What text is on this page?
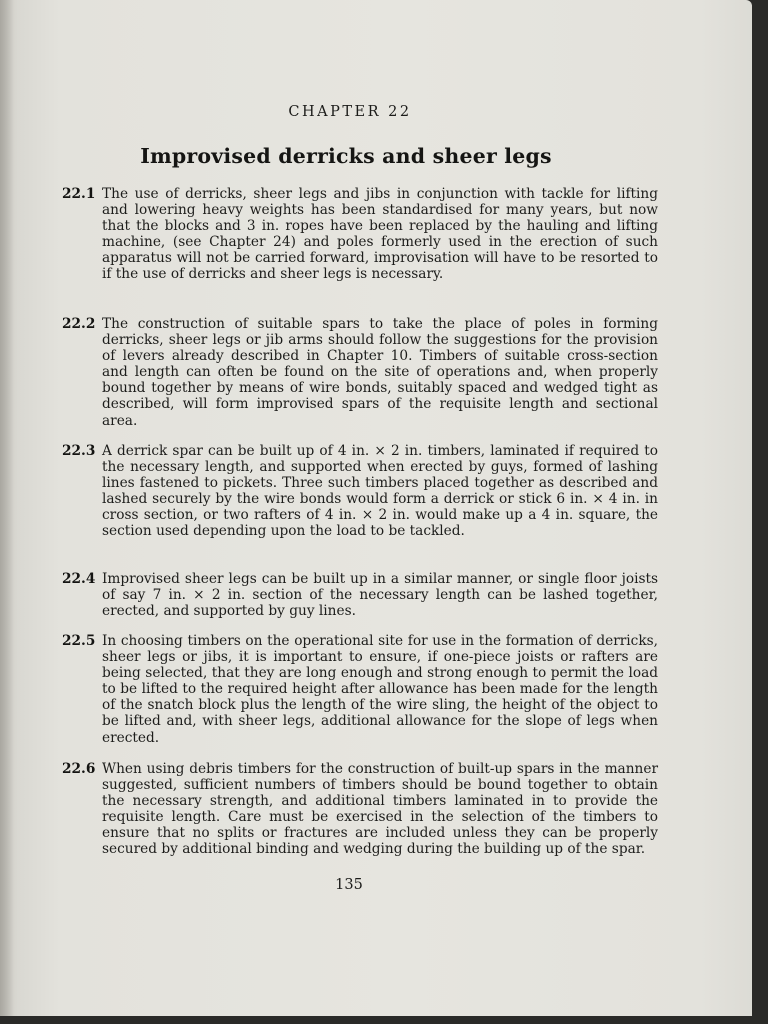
CHAPTER 22
Improvised derricks and sheer legs
22.1 The use of derricks, sheer legs and jibs in conjunction with tackle for lifting and lowering heavy weights has been standardised for many years, but now that the blocks and 3 in. ropes have been replaced by the hauling and lifting machine, (see Chapter 24) and poles formerly used in the erection of such apparatus will not be carried forward, improvisation will have to be resorted to if the use of derricks and sheer legs is necessary.
22.2 The construction of suitable spars to take the place of poles in forming derricks, sheer legs or jib arms should follow the suggestions for the provision of levers already described in Chapter 10. Timbers of suitable cross-section and length can often be found on the site of operations and, when properly bound together by means of wire bonds, suitably spaced and wedged tight as described, will form improvised spars of the requisite length and sectional area.
22.3 A derrick spar can be built up of 4 in. × 2 in. timbers, laminated if required to the necessary length, and supported when erected by guys, formed of lashing lines fastened to pickets. Three such timbers placed together as described and lashed securely by the wire bonds would form a derrick or stick 6 in. × 4 in. in cross section, or two rafters of 4 in. × 2 in. would make up a 4 in. square, the section used depending upon the load to be tackled.
22.4 Improvised sheer legs can be built up in a similar manner, or single floor joists of say 7 in. × 2 in. section of the necessary length can be lashed together, erected, and supported by guy lines.
22.5 In choosing timbers on the operational site for use in the formation of derricks, sheer legs or jibs, it is important to ensure, if one-piece joists or rafters are being selected, that they are long enough and strong enough to permit the load to be lifted to the required height after allowance has been made for the length of the snatch block plus the length of the wire sling, the height of the object to be lifted and, with sheer legs, additional allowance for the slope of legs when erected.
22.6 When using debris timbers for the construction of built-up spars in the manner suggested, sufficient numbers of timbers should be bound together to obtain the necessary strength, and additional timbers laminated in to provide the requisite length. Care must be exercised in the selection of the timbers to ensure that no splits or fractures are included unless they can be properly secured by additional binding and wedging during the building up of the spar.
135
